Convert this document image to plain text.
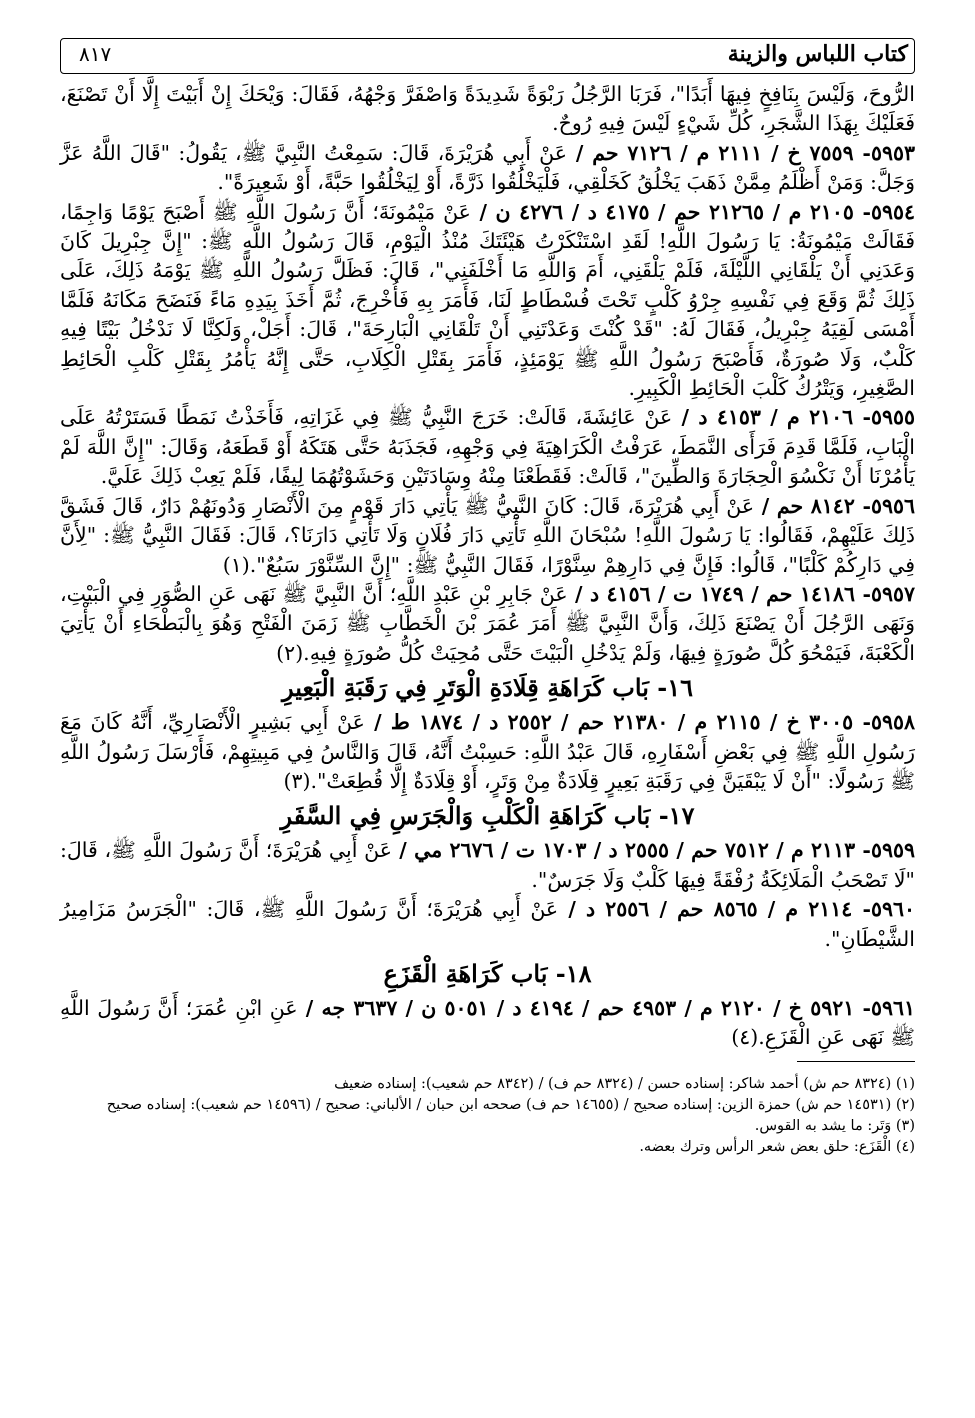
كتاب اللباس والزينة
٨١٧

الرُّوحَ، وَلَيْسَ بِنَافِخٍ فِيهَا أَبَدًا"، فَرَبَا الرَّجُلُ رَبْوَةً شَدِيدَةً وَاصْفَرَّ وَجْهُهُ، فَقَالَ: وَيْحَكَ إِنْ أَبَيْتَ إِلَّا أَنْ تَصْنَعَ، فَعَلَيْكَ بِهَذَا الشَّجَرِ، كُلِّ شَيْءٍ لَيْسَ فِيهِ رُوحٌ.

٥٩٥٣- ٧٥٥٩ خ / ٢١١١ م / ٧١٢٦ حم / عَنْ أَبِي هُرَيْرَةَ، قَالَ: سَمِعْتُ النَّبِيَّ ﷺ، يَقُولُ: "قَالَ اللَّهُ عَزَّ وَجَلَّ: وَمَنْ أَظْلَمُ مِمَّنْ ذَهَبَ يَخْلُقُ كَخَلْقِي، فَلْيَخْلُقُوا ذَرَّةً، أَوْ لِيَخْلُقُوا حَبَّةً، أَوْ شَعِيرَةً".

٥٩٥٤- ٢١٠٥ م / ٢١٢٦٥ حم / ٤١٧٥ د / ٤٢٧٦ ن / عَنْ مَيْمُونَةَ؛ أَنَّ رَسُولَ اللَّهِ ﷺ أَصْبَحَ يَوْمًا وَاجِمًا، فَقَالَتْ مَيْمُونَةُ: يَا رَسُولَ اللَّهِ! لَقَدِ اسْتَنْكَرْتُ هَيْئَتَكَ مُنْذُ الْيَوْمِ، قَالَ رَسُولُ اللَّهِ ﷺ: "إِنَّ جِبْرِيلَ كَانَ وَعَدَنِي أَنْ يَلْقَانِي اللَّيْلَةَ، فَلَمْ يَلْقَنِي، أَمَ وَاللَّهِ مَا أَخْلَفَنِي"، قَالَ: فَظَلَّ رَسُولُ اللَّهِ ﷺ يَوْمَهُ ذَلِكَ، عَلَى ذَلِكَ ثُمَّ وَقَعَ فِي نَفْسِهِ جِرْوُ كَلْبٍ تَحْتَ فُسْطَاطٍ لَنَا، فَأَمَرَ بِهِ فَأُخْرِجَ، ثُمَّ أَخَذَ بِيَدِهِ مَاءً فَنَضَحَ مَكَانَهُ فَلَمَّا أَمْسَى لَقِيَهُ جِبْرِيلُ، فَقَالَ لَهُ: "قَدْ كُنْتَ وَعَدْتَنِي أَنْ تَلْقَانِي الْبَارِحَةَ"، قَالَ: أَجَلْ، وَلَكِنَّا لَا نَدْخُلُ بَيْتًا فِيهِ كَلْبٌ، وَلَا صُورَةٌ، فَأَصْبَحَ رَسُولُ اللَّهِ ﷺ يَوْمَئِذٍ، فَأَمَرَ بِقَتْلِ الْكِلَابِ، حَتَّى إِنَّهُ يَأْمُرُ بِقَتْلِ كَلْبِ الْحَائِطِ الصَّغِيرِ، وَيَتْرُكُ كَلْبَ الْحَائِطِ الْكَبِيرِ.

٥٩٥٥- ٢١٠٦ م / ٤١٥٣ د / عَنْ عَائِشَةَ، قَالَتْ: خَرَجَ النَّبِيُّ ﷺ فِي غَزَاتِهِ، فَأَخَذْتُ نَمَطًا فَسَتَرْتُهُ عَلَى الْبَابِ، فَلَمَّا قَدِمَ فَرَأَى النَّمَطَ، عَرَفْتُ الْكَرَاهِيَةَ فِي وَجْهِهِ، فَجَذَبَهُ حَتَّى هَتَكَهُ أَوْ قَطَعَهُ، وَقَالَ: "إِنَّ اللَّهَ لَمْ يَأْمُرْنَا أَنْ نَكْسُوَ الْحِجَارَةَ وَالطِّينَ"، قَالَتْ: فَقَطَعْنَا مِنْهُ وِسَادَتَيْنِ وَحَشَوْتُهُمَا لِيفًا، فَلَمْ يَعِبْ ذَلِكَ عَلَيَّ.

٥٩٥٦- ٨١٤٢ حم / عَنْ أَبِي هُرَيْرَةَ، قَالَ: كَانَ النَّبِيُّ ﷺ يَأْتِي دَارَ قَوْمٍ مِنَ الْأَنْصَارِ وَدُونَهُمْ دَارٌ، قَالَ فَشَقَّ ذَلِكَ عَلَيْهِمْ، فَقَالُوا: يَا رَسُولَ اللَّهِ! سُبْحَانَ اللَّهِ تَأْتِي دَارَ فُلَانٍ وَلَا تَأْتِي دَارَنَا؟، قَالَ: فَقَالَ النَّبِيُّ ﷺ: "لِأَنَّ فِي دَارِكُمْ كَلْبًا"، قَالُوا: فَإِنَّ فِي دَارِهِمْ سِنَّوْرًا، فَقَالَ النَّبِيُّ ﷺ: "إِنَّ السِّنَّوْرَ سَبُعٌ".(١)

٥٩٥٧- ١٤١٨٦ حم / ١٧٤٩ ت / ٤١٥٦ د / عَنْ جَابِرِ بْنِ عَبْدِ اللَّهِ؛ أَنَّ النَّبِيَّ ﷺ نَهَى عَنِ الصُّوَرِ فِي الْبَيْتِ، وَنَهَى الرَّجُلَ أَنْ يَصْنَعَ ذَلِكَ، وَأَنَّ النَّبِيَّ ﷺ أَمَرَ عُمَرَ بْنَ الْخَطَّابِ ﷺ زَمَنَ الْفَتْحِ وَهُوَ بِالْبَطْحَاءِ أَنْ يَأْتِيَ الْكَعْبَةَ، فَيَمْحُوَ كُلَّ صُورَةٍ فِيهَا، وَلَمْ يَدْخُلِ الْبَيْتَ حَتَّى مُحِيَتْ كُلُّ صُورَةٍ فِيهِ.(٢)

١٦- بَاب كَرَاهَةِ قِلَادَةِ الْوَتَرِ فِي رَقَبَةِ الْبَعِيرِ

٥٩٥٨- ٣٠٠٥ خ / ٢١١٥ م / ٢١٣٨٠ حم / ٢٥٥٢ د / ١٨٧٤ ط / عَنْ أَبِي بَشِيرٍ الْأَنْصَارِيِّ، أَنَّهُ كَانَ مَعَ رَسُولِ اللَّهِ ﷺ فِي بَعْضِ أَسْفَارِهِ، قَالَ عَبْدُ اللَّهِ: حَسِبْتُ أَنَّهُ، قَالَ وَالنَّاسُ فِي مَبِيتِهِمْ، فَأَرْسَلَ رَسُولُ اللَّهِ ﷺ رَسُولًا: "أَنْ لَا يَبْقَيَنَّ فِي رَقَبَةِ بَعِيرٍ قِلَادَةٌ مِنْ وَتَرٍ، أَوْ قِلَادَةٌ إِلَّا قُطِعَتْ".(٣)

١٧- بَاب كَرَاهَةِ الْكَلْبِ وَالْجَرَسِ فِي السَّفَرِ

٥٩٥٩- ٢١١٣ م / ٧٥١٢ حم / ٢٥٥٥ د / ١٧٠٣ ت / ٢٦٧٦ مي / عَنْ أَبِي هُرَيْرَةَ؛ أَنَّ رَسُولَ اللَّهِ ﷺ، قَالَ: "لَا تَصْحَبُ الْمَلَائِكَةُ رُفْقَةً فِيهَا كَلْبٌ وَلَا جَرَسٌ".

٥٩٦٠- ٢١١٤ م / ٨٥٦٥ حم / ٢٥٥٦ د / عَنْ أَبِي هُرَيْرَةَ؛ أَنَّ رَسُولَ اللَّهِ ﷺ، قَالَ: "الْجَرَسُ مَزَامِيرُ الشَّيْطَانِ".

١٨- بَاب كَرَاهَةِ الْقَزَعِ

٥٩٦١- ٥٩٢١ خ / ٢١٢٠ م / ٤٩٥٣ حم / ٤١٩٤ د / ٥٠٥١ ن / ٣٦٣٧ جه / عَنِ ابْنِ عُمَرَ؛ أَنَّ رَسُولَ اللَّهِ ﷺ نَهَى عَنِ الْقَزَعِ.(٤)

(١) (٨٣٢٤ حم ش) أحمد شاكر: إسناده حسن / (٨٣٢٤ حم ف) / (٨٣٤٢ حم شعيب): إسناده ضعيف

(٢) (١٤٥٣١ حم ش) حمزة الزين: إسناده صحيح / (١٤٦٥٥ حم ف) صححه ابن حبان / الألباني: صحيح / (١٤٥٩٦ حم شعيب): إسناده صحيح

(٣) وَتَر: ما يشد به القوس.

(٤) الْقَزَع: حلق بعض شعر الرأس وترك بعضه.
